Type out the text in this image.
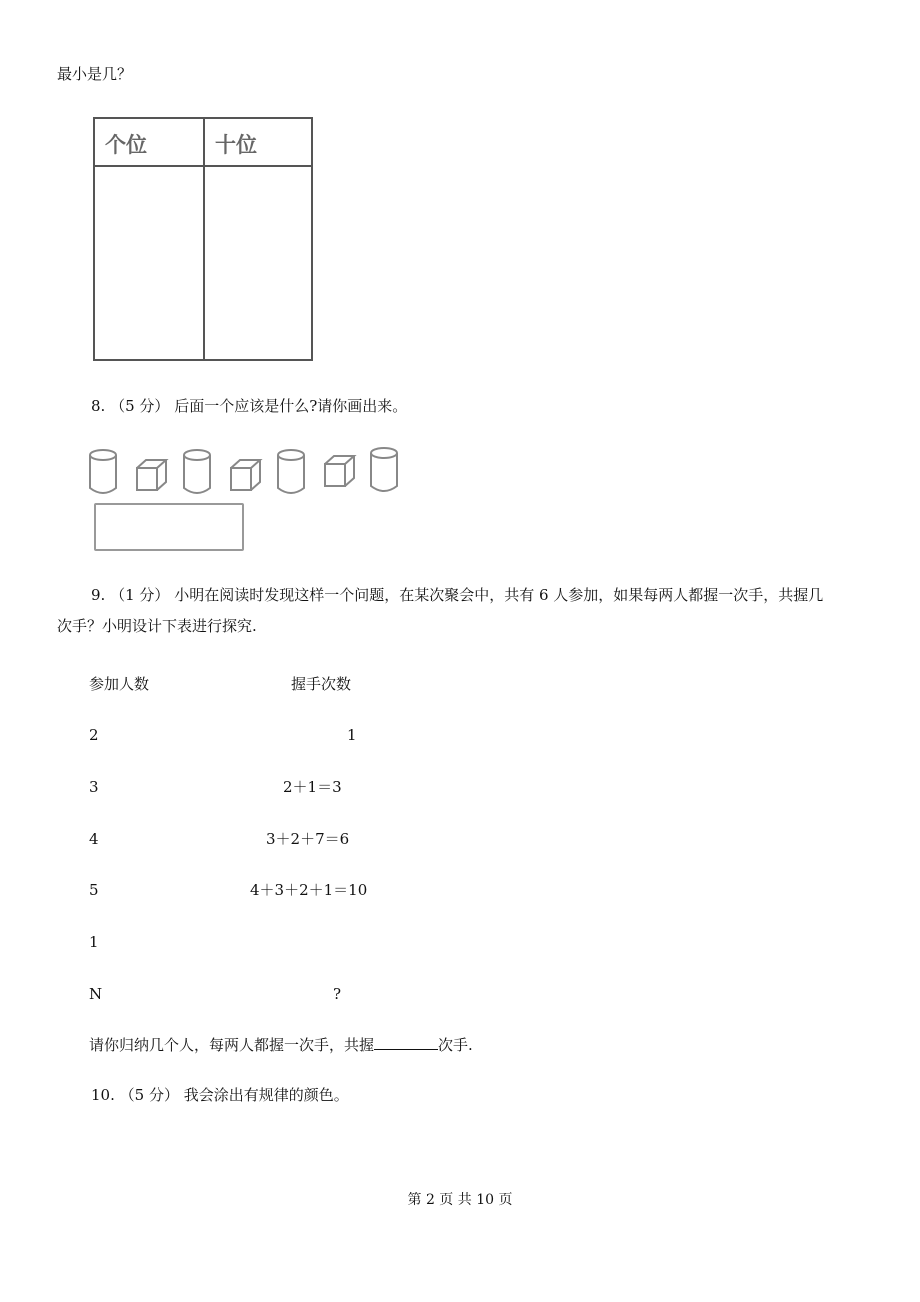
最小是几？
个位	十位
8. （5 分） 后面一个应该是什么?请你画出来。
9. （1 分） 小明在阅读时发现这样一个问题，在某次聚会中，共有 6 人参加，如果每两人都握一次手，共握几
次手？小明设计下表进行探究.
参加人数	握手次数
2	1
3	2＋1＝3
4	3＋2＋7＝6
5	4＋3＋2＋1＝10
1
N	?
请你归纳几个人，每两人都握一次手，共握	次手.
10. （5 分） 我会涂出有规律的颜色。
第 2 页 共 10 页
